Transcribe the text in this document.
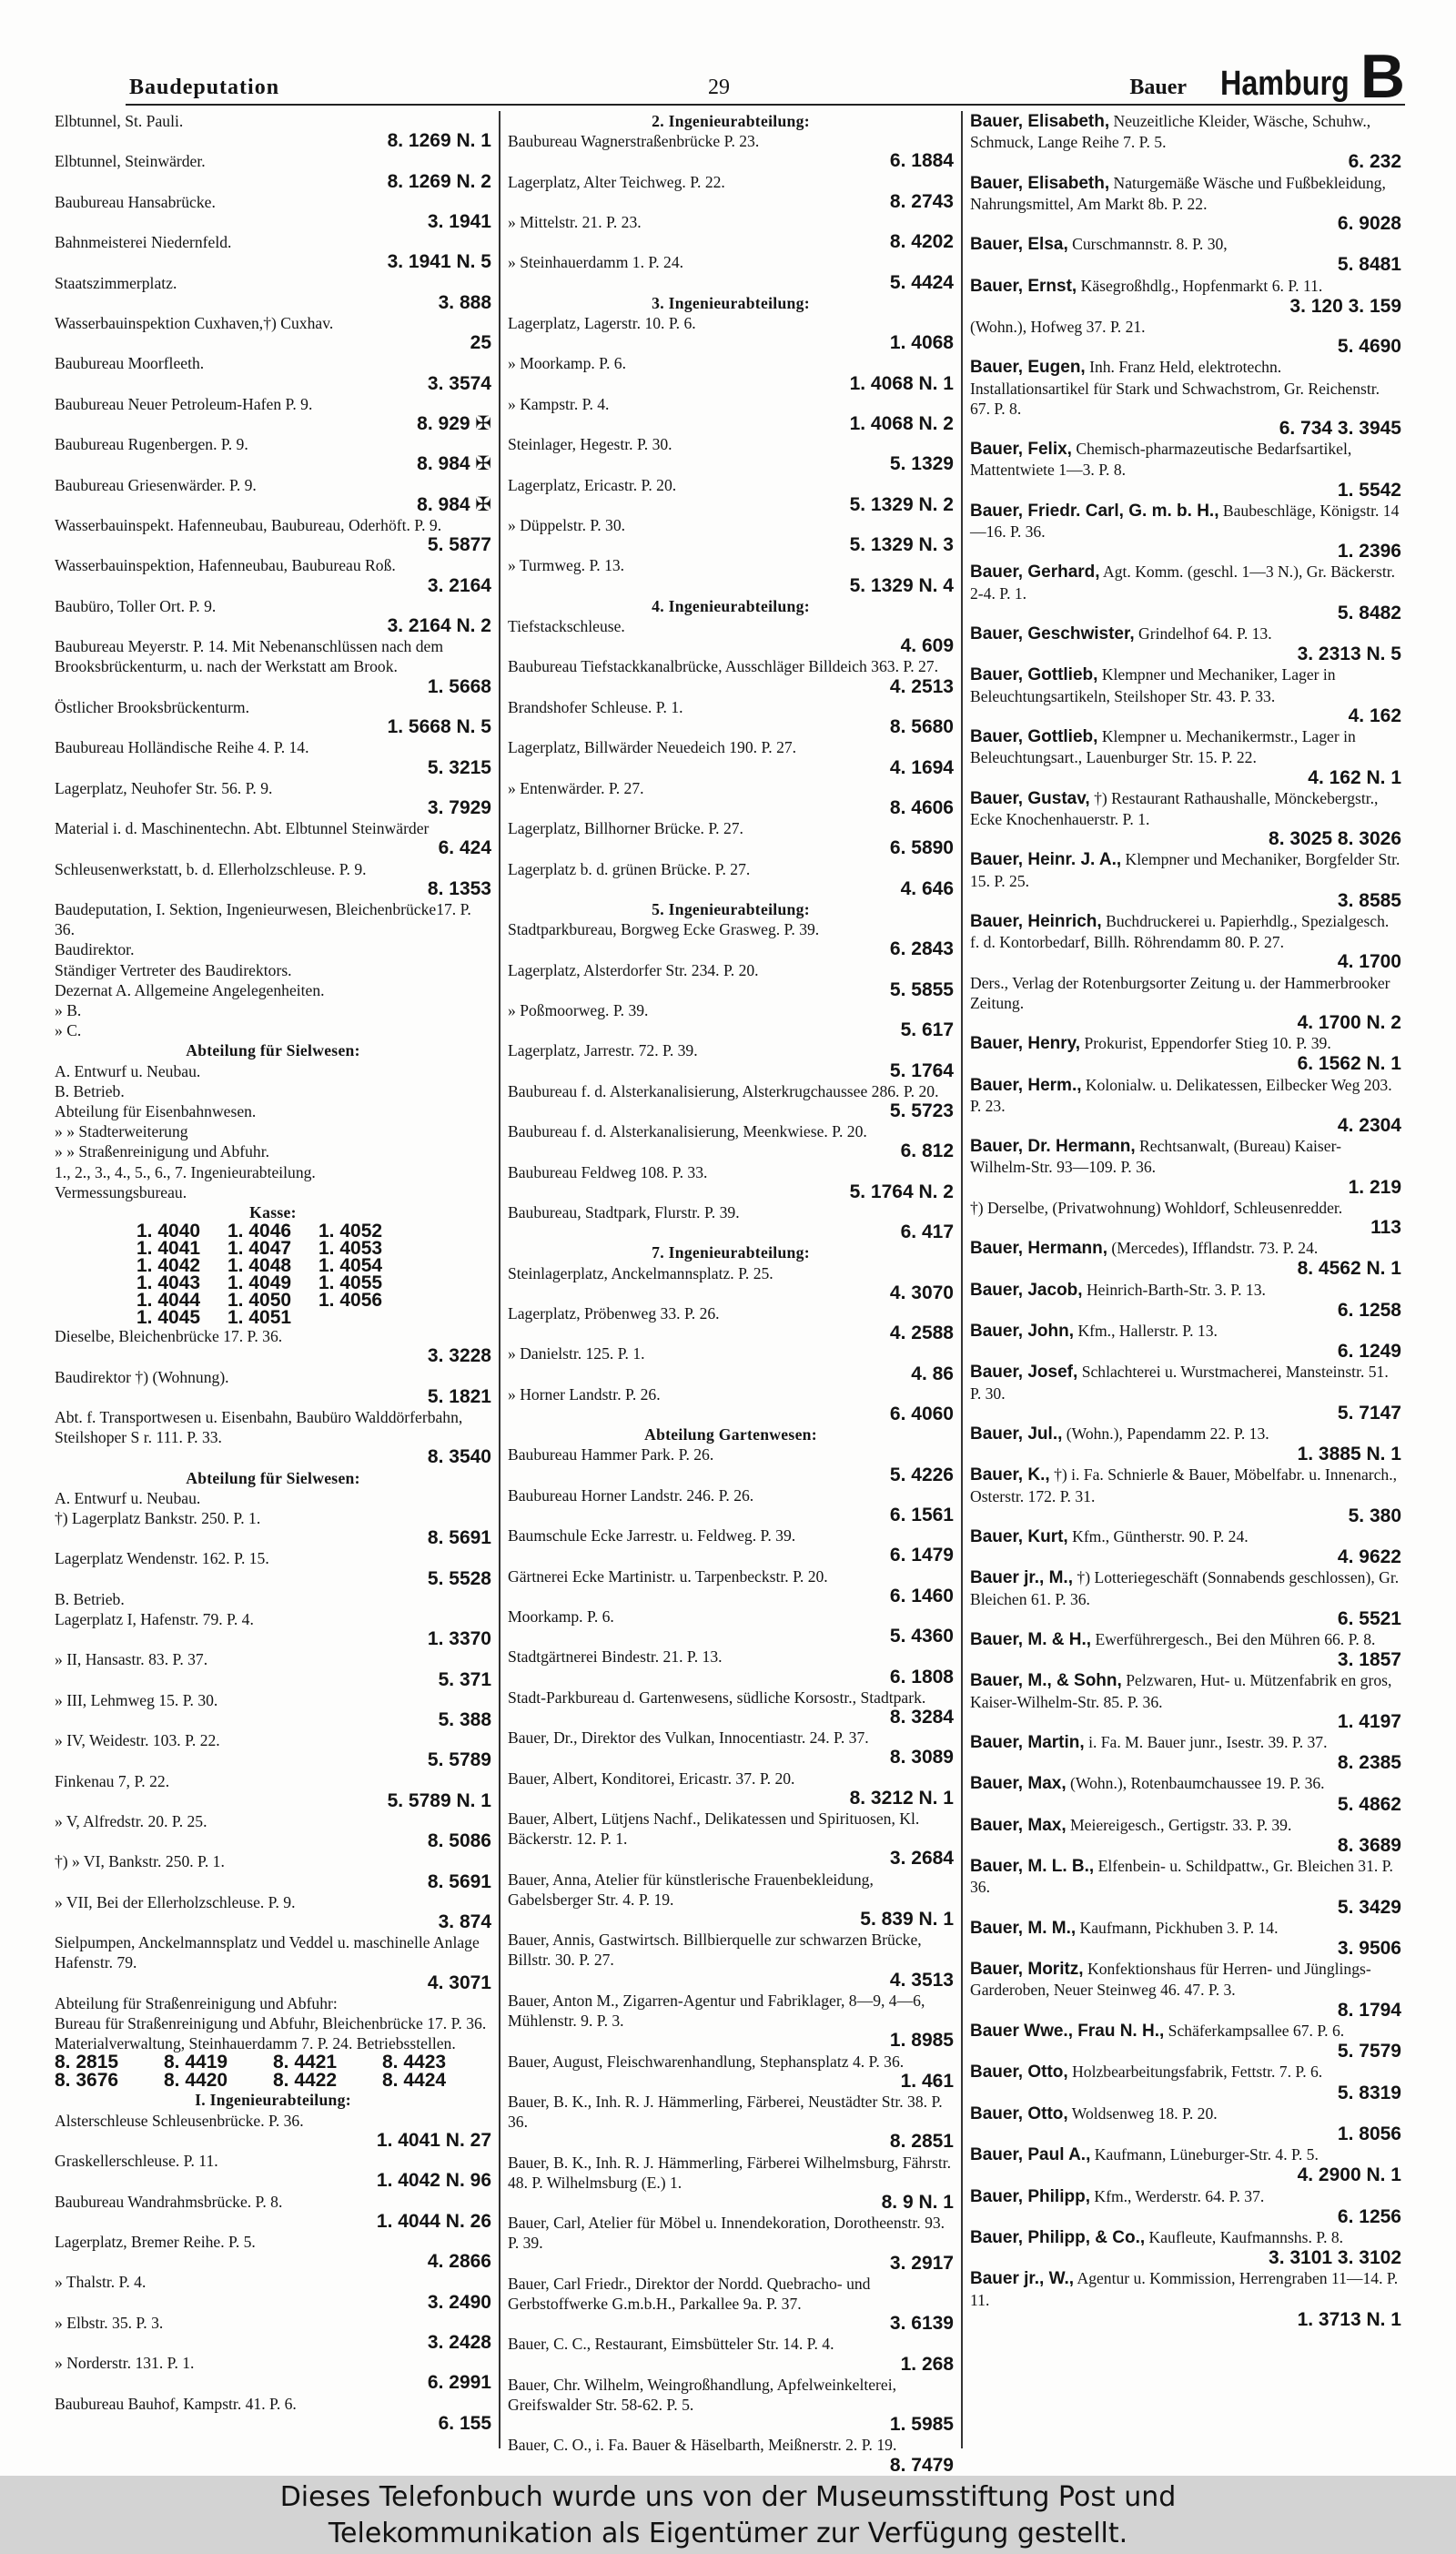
Baudeputation	29	Bauer Hamburg B

Elbtunnel, St. Pauli.
8. 1269 N. 1

Elbtunnel, Steinwärder.
8. 1269 N. 2

Baubureau Hansabrücke.
3. 1941

Bahnmeisterei Niedernfeld.
3. 1941 N. 5

Staatszimmerplatz.
3. 888

Wasserbauinspektion Cuxhaven,†) Cuxhav.
25

Baubureau Moorfleeth.
3. 3574

Baubureau Neuer Petroleum-Hafen P. 9.
8. 929 ✠

Baubureau Rugenbergen. P. 9.
8. 984 ✠

Baubureau Griesenwärder. P. 9.
8. 984 ✠

Wasserbauinspekt. Hafenneubau, Baubureau, Oderhöft. P. 9.
5. 5877

Wasserbauinspektion, Hafenneubau, Baubureau Roß.
3. 2164

Baubüro, Toller Ort. P. 9.
3. 2164 N. 2

Baubureau Meyerstr. P. 14. Mit Nebenanschlüssen nach dem Brooksbrückenturm, u. nach der Werkstatt am Brook.
1. 5668

Östlicher Brooksbrückenturm.
1. 5668 N. 5

Baubureau Holländische Reihe 4. P. 14.
5. 3215

Lagerplatz, Neuhofer Str. 56. P. 9.
3. 7929

Material i. d. Maschinentechn. Abt. Elbtunnel Steinwärder
6. 424

Schleusenwerkstatt, b. d. Ellerholzschleuse. P. 9.
8. 1353

Baudeputation, I. Sektion, Ingenieurwesen, Bleichenbrücke17. P. 36.

Baudirektor.

Ständiger Vertreter des Baudirektors.

Dezernat A. Allgemeine Angelegenheiten.

» B.

» C.

Abteilung für Sielwesen:

A. Entwurf u. Neubau.

B. Betrieb.

Abteilung für Eisenbahnwesen.

» » Stadterweiterung

» » Straßenreinigung und Abfuhr.

1., 2., 3., 4., 5., 6., 7. Ingenieurabteilung.

Vermessungsbureau.

Kasse:
1. 4040	1. 4046	1. 4052
1. 4041	1. 4047	1. 4053
1. 4042	1. 4048	1. 4054
1. 4043	1. 4049	1. 4055
1. 4044	1. 4050	1. 4056
1. 4045	1. 4051

Dieselbe, Bleichenbrücke 17. P. 36.
3. 3228

Baudirektor †) (Wohnung).
5. 1821

Abt. f. Transportwesen u. Eisenbahn, Baubüro Walddörferbahn, Steilshoper S r. 111. P. 33.
8. 3540

Abteilung für Sielwesen:

A. Entwurf u. Neubau.

†) Lagerplatz Bankstr. 250. P. 1.
8. 5691

Lagerplatz Wendenstr. 162. P. 15.
5. 5528

B. Betrieb.

Lagerplatz I, Hafenstr. 79. P. 4.
1. 3370

» II, Hansastr. 83. P. 37.
5. 371

» III, Lehmweg 15. P. 30.
5. 388

» IV, Weidestr. 103. P. 22.
5. 5789

Finkenau 7, P. 22.
5. 5789 N. 1

» V, Alfredstr. 20. P. 25.
8. 5086

†) » VI, Bankstr. 250. P. 1.
8. 5691

» VII, Bei der Ellerholzschleuse. P. 9.
3. 874

Sielpumpen, Anckelmannsplatz und Veddel u. maschinelle Anlage Hafenstr. 79.
4. 3071

Abteilung für Straßenreinigung und Abfuhr:

Bureau für Straßenreinigung und Abfuhr, Bleichenbrücke 17. P. 36.

Materialverwaltung, Steinhauerdamm 7. P. 24. Betriebsstellen.

8. 2815	8. 4419	8. 4421	8. 4423
8. 3676	8. 4420	8. 4422	8. 4424
I. Ingenieurabteilung:

Alsterschleuse Schleusenbrücke. P. 36.
1. 4041 N. 27

Graskellerschleuse. P. 11.
1. 4042 N. 96

Baubureau Wandrahmsbrücke. P. 8.
1. 4044 N. 26

Lagerplatz, Bremer Reihe. P. 5.
4. 2866

» Thalstr. P. 4.
3. 2490

» Elbstr. 35. P. 3.
3. 2428

» Norderstr. 131. P. 1.
6. 2991

Baubureau Bauhof, Kampstr. 41. P. 6.
6. 155

2. Ingenieurabteilung:

Baubureau Wagnerstraßenbrücke P. 23.
6. 1884

Lagerplatz, Alter Teichweg. P. 22.
8. 2743

» Mittelstr. 21. P. 23.
8. 4202

» Steinhauerdamm 1. P. 24.
5. 4424

3. Ingenieurabteilung:

Lagerplatz, Lagerstr. 10. P. 6.
1. 4068

» Moorkamp. P. 6.
1. 4068 N. 1

» Kampstr. P. 4.
1. 4068 N. 2

Steinlager, Hegestr. P. 30.
5. 1329

Lagerplatz, Ericastr. P. 20.
5. 1329 N. 2

» Düppelstr. P. 30.
5. 1329 N. 3

» Turmweg. P. 13.
5. 1329 N. 4

4. Ingenieurabteilung:

Tiefstackschleuse.
4. 609

Baubureau Tiefstackkanalbrücke, Ausschläger Billdeich 363. P. 27.
4. 2513

Brandshofer Schleuse. P. 1.
8. 5680

Lagerplatz, Billwärder Neuedeich 190. P. 27.
4. 1694

» Entenwärder. P. 27.
8. 4606

Lagerplatz, Billhorner Brücke. P. 27.
6. 5890

Lagerplatz b. d. grünen Brücke. P. 27.
4. 646

5. Ingenieurabteilung:

Stadtparkbureau, Borgweg Ecke Grasweg. P. 39.
6. 2843

Lagerplatz, Alsterdorfer Str. 234. P. 20.
5. 5855

» Poßmoorweg. P. 39.
5. 617

Lagerplatz, Jarrestr. 72. P. 39.
5. 1764

Baubureau f. d. Alsterkanalisierung, Alsterkrugchaussee 286. P. 20.
5. 5723

Baubureau f. d. Alsterkanalisierung, Meenkwiese. P. 20.
6. 812

Baubureau Feldweg 108. P. 33.
5. 1764 N. 2

Baubureau, Stadtpark, Flurstr. P. 39.
6. 417

7. Ingenieurabteilung:

Steinlagerplatz, Anckelmannsplatz. P. 25.
4. 3070

Lagerplatz, Pröbenweg 33. P. 26.
4. 2588

» Danielstr. 125. P. 1.
4. 86

» Horner Landstr. P. 26.
6. 4060

Abteilung Gartenwesen:

Baubureau Hammer Park. P. 26.
5. 4226

Baubureau Horner Landstr. 246. P. 26.
6. 1561

Baumschule Ecke Jarrestr. u. Feldweg. P. 39.
6. 1479

Gärtnerei Ecke Martinistr. u. Tarpenbeckstr. P. 20.
6. 1460

Moorkamp. P. 6.
5. 4360

Stadtgärtnerei Bindestr. 21. P. 13.
6. 1808

Stadt-Parkbureau d. Gartenwesens, südliche Korsostr., Stadtpark.
8. 3284

Bauer, Dr., Direktor des Vulkan, Innocentiastr. 24. P. 37.
8. 3089

Bauer, Albert, Konditorei, Ericastr. 37. P. 20.
8. 3212 N. 1

Bauer, Albert, Lütjens Nachf., Delikatessen und Spirituosen, Kl. Bäckerstr. 12. P. 1.
3. 2684

Bauer, Anna, Atelier für künstlerische Frauenbekleidung, Gabelsberger Str. 4. P. 19.
5. 839 N. 1

Bauer, Annis, Gastwirtsch. Billbierquelle zur schwarzen Brücke, Billstr. 30. P. 27.
4. 3513

Bauer, Anton M., Zigarren-Agentur und Fabriklager, 8—9, 4—6, Mühlenstr. 9. P. 3.
1. 8985

Bauer, August, Fleischwarenhandlung, Stephansplatz 4. P. 36.
1. 461

Bauer, B. K., Inh. R. J. Hämmerling, Färberei, Neustädter Str. 38. P. 36.
8. 2851

Bauer, B. K., Inh. R. J. Hämmerling, Färberei Wilhelmsburg, Fährstr. 48. P. Wilhelmsburg (E.) 1.
8. 9 N. 1

Bauer, Carl, Atelier für Möbel u. Innendekoration, Dorotheenstr. 93. P. 39.
3. 2917

Bauer, Carl Friedr., Direktor der Nordd. Quebracho- und Gerbstoffwerke G.m.b.H., Parkallee 9a. P. 37.
3. 6139

Bauer, C. C., Restaurant, Eimsbütteler Str. 14. P. 4.
1. 268

Bauer, Chr. Wilhelm, Weingroßhandlung, Apfelweinkelterei, Greifswalder Str. 58-62. P. 5.
1. 5985

Bauer, C. O., i. Fa. Bauer & Häselbarth, Meißnerstr. 2. P. 19.
8. 7479

Bauer, Elisabeth, Neuzeitliche Kleider, Wäsche, Schuhw., Schmuck, Lange Reihe 7. P. 5.
6. 232

Bauer, Elisabeth, Naturgemäße Wäsche und Fußbekleidung, Nahrungsmittel, Am Markt 8b. P. 22.
6. 9028

Bauer, Elsa, Curschmannstr. 8. P. 30,
5. 8481

Bauer, Ernst, Käsegroßhdlg., Hopfenmarkt 6. P. 11.
3. 120 3. 159

(Wohn.), Hofweg 37. P. 21.
5. 4690

Bauer, Eugen, Inh. Franz Held, elektrotechn. Installationsartikel für Stark und Schwachstrom, Gr. Reichenstr. 67. P. 8.
6. 734 3. 3945

Bauer, Felix, Chemisch-pharmazeutische Bedarfsartikel, Mattentwiete 1—3. P. 8.
1. 5542

Bauer, Friedr. Carl, G. m. b. H., Baubeschläge, Königstr. 14—16. P. 36.
1. 2396

Bauer, Gerhard, Agt. Komm. (geschl. 1—3 N.), Gr. Bäckerstr. 2-4. P. 1.
5. 8482

Bauer, Geschwister, Grindelhof 64. P. 13.
3. 2313 N. 5

Bauer, Gottlieb, Klempner und Mechaniker, Lager in Beleuchtungsartikeln, Steilshoper Str. 43. P. 33.
4. 162

Bauer, Gottlieb, Klempner u. Mechanikermstr., Lager in Beleuchtungsart., Lauenburger Str. 15. P. 22.
4. 162 N. 1

Bauer, Gustav, †) Restaurant Rathaushalle, Mönckebergstr., Ecke Knochenhauerstr. P. 1.
8. 3025 8. 3026

Bauer, Heinr. J. A., Klempner und Mechaniker, Borgfelder Str. 15. P. 25.
3. 8585

Bauer, Heinrich, Buchdruckerei u. Papierhdlg., Spezialgesch. f. d. Kontorbedarf, Billh. Röhrendamm 80. P. 27.
4. 1700

Ders., Verlag der Rotenburgsorter Zeitung u. der Hammerbrooker Zeitung.
4. 1700 N. 2

Bauer, Henry, Prokurist, Eppendorfer Stieg 10. P. 39.
6. 1562 N. 1

Bauer, Herm., Kolonialw. u. Delikatessen, Eilbecker Weg 203. P. 23.
4. 2304

Bauer, Dr. Hermann, Rechtsanwalt, (Bureau) Kaiser-Wilhelm-Str. 93—109. P. 36.
1. 219

†) Derselbe, (Privatwohnung) Wohldorf, Schleusenredder.
113

Bauer, Hermann, (Mercedes), Ifflandstr. 73. P. 24.
8. 4562 N. 1

Bauer, Jacob, Heinrich-Barth-Str. 3. P. 13.
6. 1258

Bauer, John, Kfm., Hallerstr. P. 13.
6. 1249

Bauer, Josef, Schlachterei u. Wurstmacherei, Mansteinstr. 51. P. 30.
5. 7147

Bauer, Jul., (Wohn.), Papendamm 22. P. 13.
1. 3885 N. 1

Bauer, K., †) i. Fa. Schnierle & Bauer, Möbelfabr. u. Innenarch., Osterstr. 172. P. 31.
5. 380

Bauer, Kurt, Kfm., Güntherstr. 90. P. 24.
4. 9622

Bauer jr., M., †) Lotteriegeschäft (Sonnabends geschlossen), Gr. Bleichen 61. P. 36.
6. 5521

Bauer, M. & H., Ewerführergesch., Bei den Mühren 66. P. 8.
3. 1857

Bauer, M., & Sohn, Pelzwaren, Hut- u. Mützenfabrik en gros, Kaiser-Wilhelm-Str. 85. P. 36.
1. 4197

Bauer, Martin, i. Fa. M. Bauer junr., Isestr. 39. P. 37.
8. 2385

Bauer, Max, (Wohn.), Rotenbaumchaussee 19. P. 36.
5. 4862

Bauer, Max, Meiereigesch., Gertigstr. 33. P. 39.
8. 3689

Bauer, M. L. B., Elfenbein- u. Schildpattw., Gr. Bleichen 31. P. 36.
5. 3429

Bauer, M. M., Kaufmann, Pickhuben 3. P. 14.
3. 9506

Bauer, Moritz, Konfektionshaus für Herren- und Jünglings-Garderoben, Neuer Steinweg 46. 47. P. 3.
8. 1794

Bauer Wwe., Frau N. H., Schäferkampsallee 67. P. 6.
5. 7579

Bauer, Otto, Holzbearbeitungsfabrik, Fettstr. 7. P. 6.
5. 8319

Bauer, Otto, Woldsenweg 18. P. 20.
1. 8056

Bauer, Paul A., Kaufmann, Lüneburger-Str. 4. P. 5.
4. 2900 N. 1

Bauer, Philipp, Kfm., Werderstr. 64. P. 37.
6. 1256

Bauer, Philipp, & Co., Kaufleute, Kaufmannshs. P. 8.
3. 3101 3. 3102

Bauer jr., W., Agentur u. Kommission, Herrengraben 11—14. P. 11.
1. 3713 N. 1

Dieses Telefonbuch wurde uns von der Museumsstiftung Post und
Telekommunikation als Eigentümer zur Verfügung gestellt.
